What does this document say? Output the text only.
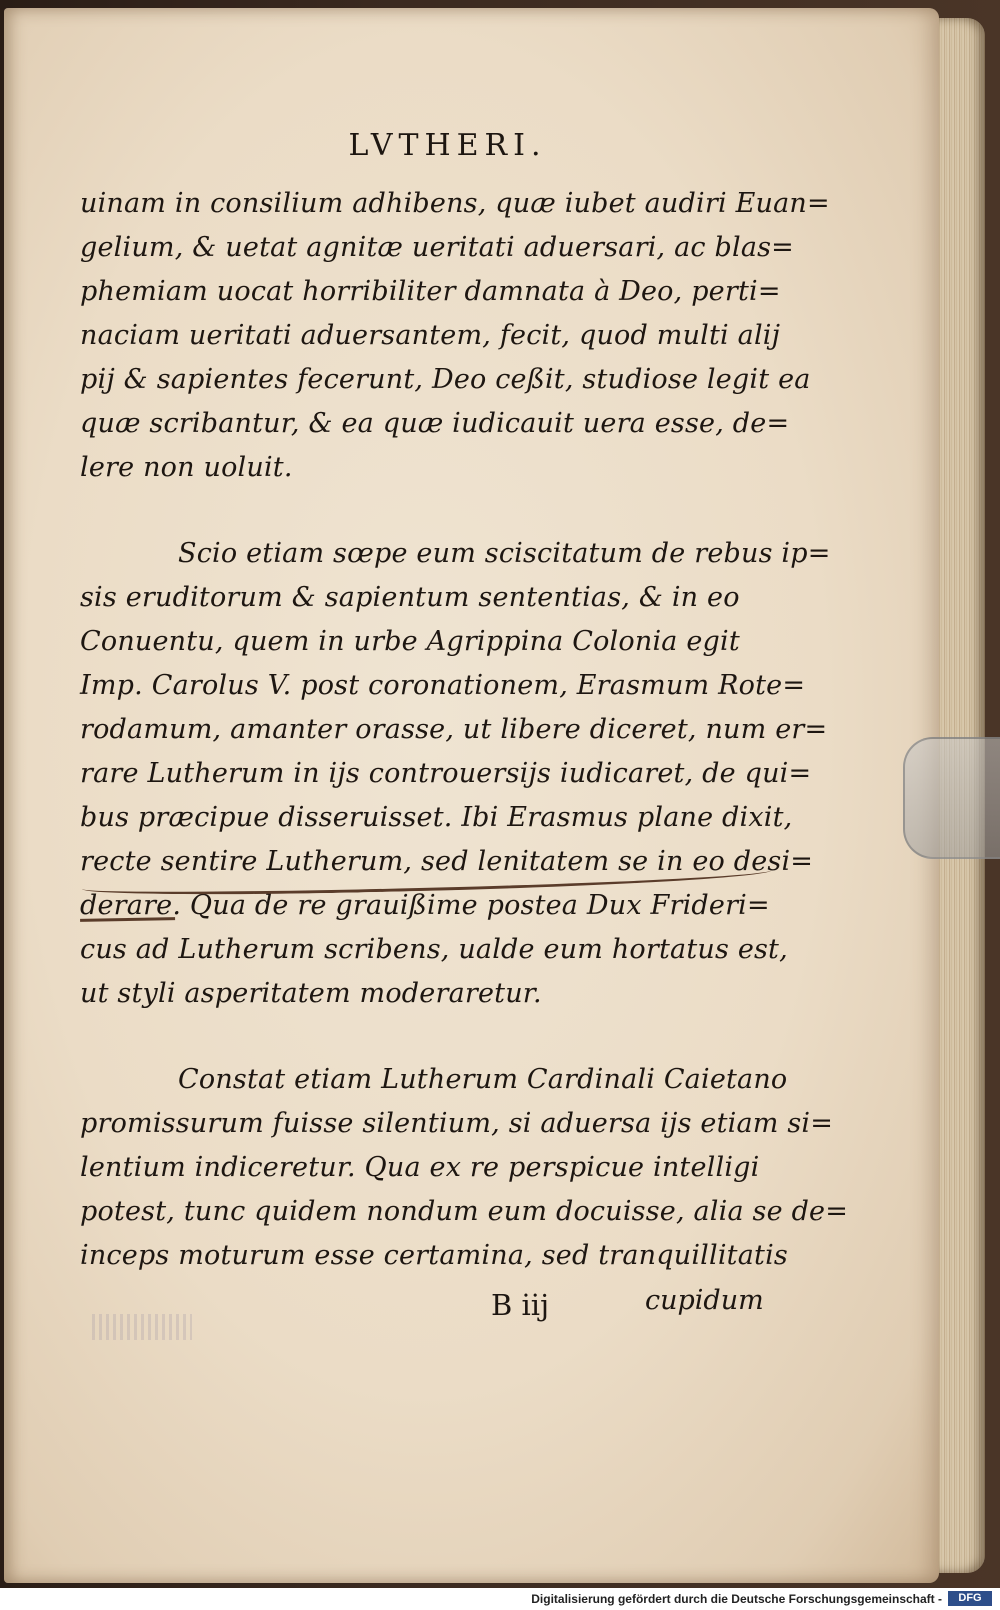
LVTHERI.
uinam in consilium adhibens, quæ iubet audiri Euan=
gelium, & uetat agnitæ ueritati aduersari, ac blas=
phemiam uocat horribiliter damnata à Deo, perti=
naciam ueritati aduersantem, fecit, quod multi alij
pij & sapientes fecerunt, Deo ceßit, studiose legit ea
quæ scribantur, & ea quæ iudicauit uera esse, de=
lere non uoluit.
Scio etiam sœpe eum sciscitatum de rebus ip=
sis eruditorum & sapientum sententias, & in eo
Conuentu, quem in urbe Agrippina Colonia egit
Imp. Carolus V. post coronationem, Erasmum Rote=
rodamum, amanter orasse, ut libere diceret, num er=
rare Lutherum in ijs controuersijs iudicaret, de qui=
bus præcipue dissеruisset. Ibi Erasmus plane dixit,
recte sentire Lutherum, sed lenitatem se in eo desi=
derare. Qua de re grauißime postea Dux Frideri=
cus ad Lutherum scribens, ualde eum hortatus est,
ut styli asperitatem moderaretur.
Constat etiam Lutherum Cardinali Caietano
promissurum fuisse silentium, si aduersa ijs etiam si=
lentium indiceretur. Qua ex re perspicue intelligi
potest, tunc quidem nondum eum docuisse, alia se de=
inceps moturum esse certamina, sed tranquillitatis
B iij	cupidum
Digitalisierung gefördert durch die Deutsche Forschungsgemeinschaft -	DFG
